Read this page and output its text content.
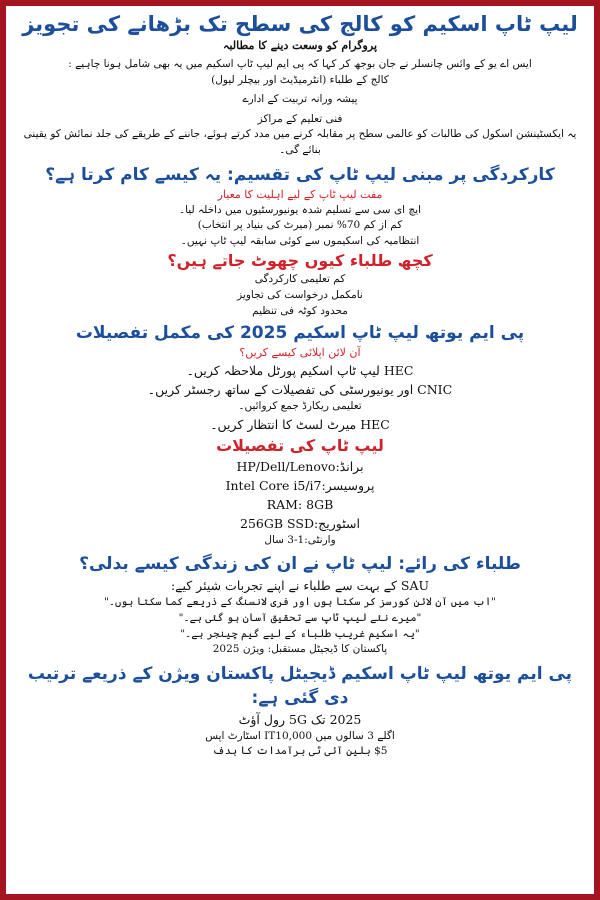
لیپ ٹاپ اسکیم کو کالج کی سطح تک بڑھانے کی تجویز

پروگرام کو وسعت دینے کا مطالبہ

ایس اے یو کے وائس چانسلر نے جان بوجھ کر کہا کہ پی ایم لیپ ٹاپ اسکیم میں یہ بھی شامل ہونا چاہیے :

کالج کے طلباء (انٹرمیڈیٹ اور بیچلر لیول)

پیشہ ورانہ تربیت کے ادارے

فنی تعلیم کے مراکز

یہ ایکسٹینشن اسکول کی طالبات کو عالمی سطح پر مقابلہ کرنے میں مدد کرتے ہوئے، جاننے کے طریقے کی جلد نمائش کو یقینی بنائے گی۔

کارکردگی پر مبنی لیپ ٹاپ کی تقسیم: یہ کیسے کام کرتا ہے؟

مفت لیپ ٹاپ کے لیے اہلیت کا معیار

ایچ ای سی سے تسلیم شدہ یونیورسٹیوں میں داخلہ لیا۔

کم از کم 70% نمبر (میرٹ کی بنیاد پر انتخاب)

انتظامیہ کی اسکیموں سے کوئی سابقہ لیپ ٹاپ نہیں۔

کچھ طلباء کیوں چھوٹ جاتے ہیں؟

کم تعلیمی کارکردگی

نامکمل درخواست کی تجاویز

محدود کوٹہ فی تنظیم

پی ایم یوتھ لیپ ٹاپ اسکیم 2025 کی مکمل تفصیلات

آن لائن اپلائی کیسے کریں؟

HEC لیپ ٹاپ اسکیم پورٹل ملاحظہ کریں۔

CNIC اور یونیورسٹی کی تفصیلات کے ساتھ رجسٹر کریں۔

تعلیمی ریکارڈ جمع کروائیں۔

HEC میرٹ لسٹ کا انتظار کریں۔

لیپ ٹاپ کی تفصیلات

برانڈ:HP/Dell/Lenovo

پروسیسر:Intel Core i5/i7

RAM: 8GB

اسٹوریج:256GB SSD

وارنٹی:1-3 سال

طلباء کی رائے: لیپ ٹاپ نے ان کی زندگی کیسے بدلی؟

SAU کے بہت سے طلباء نے اپنے تجربات شیئر کیے:

"اب میں آن لائن کورسز کر سکتا ہوں اور فری لانسنگ کے ذریعے کما سکتا ہوں۔"

"میرے نئے لیپ ٹاپ سے تحقیق آسان ہو گئی ہے۔"

"یہ اسکیم غریب طلباء کے لیے گیم چینجر ہے۔"

پاکستان کا ڈیجیٹل مستقبل: ویژن 2025

پی ایم یوتھ لیپ ٹاپ اسکیم ڈیجیٹل پاکستان ویژن کے ذریعے ترتیب دی گئی ہے:

2025 تک 5G رول آؤٹ

اگلے 3 سالوں میں IT10,000 اسٹارٹ اپس

$5 بلین آئی ٹی برآمدات کا ہدف
